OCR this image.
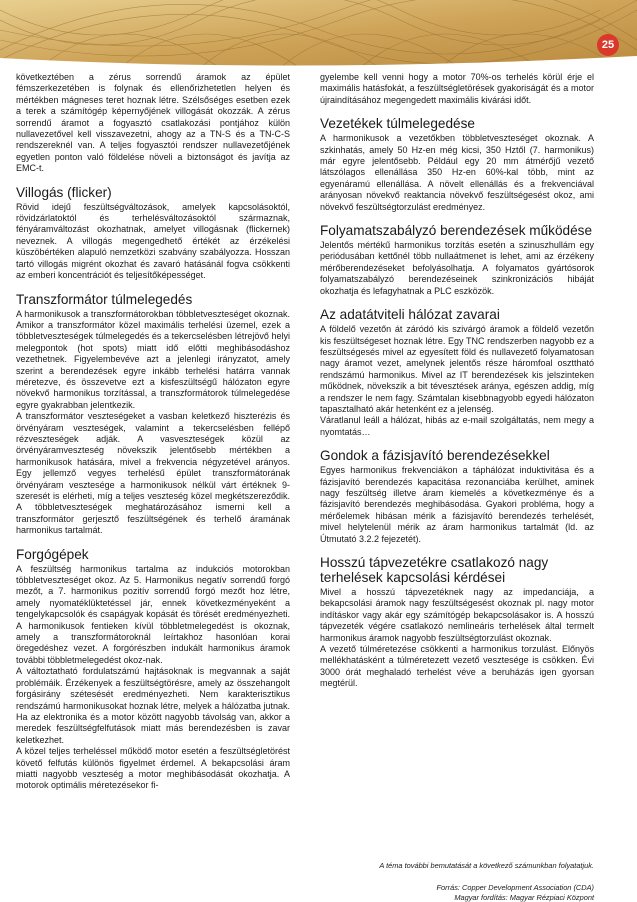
25

következtében a zérus sorrendű áramok az épület fémszerkezetében is folynak és ellenőrizhetetlen helyen és mértékben mágneses teret hoznak létre. Szélsőséges esetben ezek a terek a számítógép képernyőjének villogását okozzák. A zérus sorrendű áramot a fogyasztó csatlakozási pontjához külön nullavezetővel kell visszavezetni, ahogy az a TN-S és a TN-C-S rendszereknél van. A teljes fogyasztói rendszer nullavezetőjének egyetlen ponton való földelése növeli a biztonságot és javítja az EMC-t.

Villogás (flicker)

Rövid idejű feszültségváltozások, amelyek kapcsolásoktól, rövidzárlatoktól és terhelésváltozásoktól származnak, fényáramváltozást okozhatnak, amelyet villogásnak (flickernek) neveznek. A villogás megengedhető értékét az érzékelési küszöbértéken alapuló nemzetközi szabvány szabályozza. Hosszan tartó villogás migrént okozhat és zavaró hatásánál fogva csökkenti az emberi koncentrációt és teljesítőképességet.

Transzformátor túlmelegedés

A harmonikusok a transzformátorokban többletveszteséget okoznak. Amikor a transzformátor közel maximális terhelési üzemel, ezek a többletveszteségek túlmelegedés és a tekercselésben létrejövő helyi melegpontok (hot spots) miatt idő előtti meghibásodáshoz vezethetnek. Figyelembevéve azt a jelenlegi irányzatot, amely szerint a berendezések egyre inkább terhelési határra vannak méretezve, és összevetve ezt a kisfeszültségű hálózaton egyre növekvő harmonikus torzítással, a transzformátorok túlmelegedése egyre gyakrabban jelentkezik.

A transzformátor veszteségeket a vasban keletkező hiszterézis és örvényáram veszteségek, valamint a tekercselésben fellépő rézveszteségek adják. A vasveszteségek közül az örvényáramveszteség növekszik jelentősebb mértékben a harmonikusok hatására, mivel a frekvencia négyzetével arányos. Egy jellemző vegyes terhelésű épület transzformátorának örvényáram vesztesége a harmonikusok nélkül várt értéknek 9-szeresét is elérheti, míg a teljes veszteség közel megkétszereződik. A többletveszteségek meghatározásához ismerni kell a transzformátor gerjesztő feszültségének és terhelő áramának harmonikus tartalmát.

Forgógépek

A feszültség harmonikus tartalma az indukciós motorokban többletveszteséget okoz. Az 5. Harmonikus negatív sorrendű forgó mezőt, a 7. harmonikus pozitív sorrendű forgó mezőt hoz létre, amely nyomatéklüktetéssel jár, ennek következményeként a tengelykapcsolók és csapágyak kopását és törését eredményezheti. A harmonikusok fentieken kívül többletmelegedést is okoznak, amely a transzformátoroknál leírtakhoz hasonlóan korai öregedéshez vezet. A forgórészben indukált harmonikus áramok további többletmelegedést okoz-nak.

A változtatható fordulatszámú hajtásoknak is megvannak a saját problémáik. Érzékenyek a feszültségtörésre, amely az összehangolt forgásirány szétesését eredményezheti. Nem karakterisztikus rendszámú harmonikusokat hoznak létre, melyek a hálózatba jutnak. Ha az elektronika és a motor között nagyobb távolság van, akkor a meredek feszültségfelfutások miatt más berendezésben is zavar keletkezhet.

A közel teljes terheléssel működő motor esetén a feszültségletörést követő felfutás különös figyelmet érdemel. A bekapcsolási áram miatti nagyobb veszteség a motor meghibásodását okozhatja. A motorok optimális méretezésekor fi-

gyelembe kell venni hogy a motor 70%-os terhelés körül érje el maximális hatásfokát, a feszültségletörések gyakoriságát és a motor újraindításához megengedett maximális kivárási időt.

Vezetékek túlmelegedése

A harmonikusok a vezetőkben többletveszteséget okoznak. A szkinhatás, amely 50 Hz-en még kicsi, 350 Hztől (7. harmonikus) már egyre jelentősebb. Például egy 20 mm átmérőjű vezető látszólagos ellenállása 350 Hz-en 60%-kal több, mint az egyenáramú ellenállása. A növelt ellenállás és a frekvenciával arányosan növekvő reaktancia növekvő feszültségesést okoz, ami növekvő feszültségtorzulást eredményez.

Folyamatszabályzó berendezések működése

Jelentős mértékű harmonikus torzítás esetén a szinuszhullám egy periódusában kettőnél több nullaátmenet is lehet, ami az érzékeny mérőberendezéseket befolyásolhatja. A folyamatos gyártósorok folyamatszabályzó berendezéseinek szinkronizációs hibáját okozhatja és lefagyhatnak a PLC eszközök.

Az adatátviteli hálózat zavarai

A földelő vezetőn át záródó kis szivárgó áramok a földelő vezetőn kis feszültségeset hoznak létre. Egy TNC rendszerben nagyobb ez a feszültségesés mivel az egyesített föld és nullavezető folyamatosan nagy áramot vezet, amelynek jelentős része háromfoal oszttható rendszámú harmonikus. Mivel az IT berendezések kis jelszinteken működnek, növekszik a bit tévesztések aránya, egészen addig, míg a rendszer le nem fagy. Számtalan kisebbnagyobb egyedi hálózaton tapasztalható akár hetenként ez a jelenség.

Váratlanul leáll a hálózat, hibás az e-mail szolgáltatás, nem megy a nyomtatás…

Gondok a fázisjavító berendezésekkel

Egyes harmonikus frekvenciákon a táphálózat induktivitása és a fázisjavító berendezés kapacitása rezonanciába kerülhet, aminek nagy feszültség illetve áram kiemelés a következménye és a fázisjavító berendezés meghibásodása. Gyakori probléma, hogy a mérőelemek hibásan mérik a fázisjavító berendezés terhelését, mivel helytelenül mérik az áram harmonikus tartalmát (ld. az Útmutató 3.2.2 fejezetét).

Hosszú tápvezetékre csatlakozó nagy terhelések kapcsolási kérdései

Mivel a hosszú tápvezetéknek nagy az impedanciája, a bekapcsolási áramok nagy feszültségesést okoznak pl. nagy motor indításkor vagy akár egy számítógép bekapcsolásakor is. A hosszú tápvezeték végére csatlakozó nemlineáris terhelések által termelt harmonikus áramok nagyobb feszültségtorzulást okoznak.

A vezető túlméretezése csökkenti a harmonikus torzulást. Előnyös mellékhatásként a túlméretezett vezető vesztesége is csökken. Évi 3000 órát meghaladó terhelést véve a beruházás igen gyorsan megtérül.

A téma további bemutatását a következő számunkban folyatatjuk.
Forrás: Copper Development Association (CDA)
Magyar fordítás: Magyar Rézpiaci Központ
